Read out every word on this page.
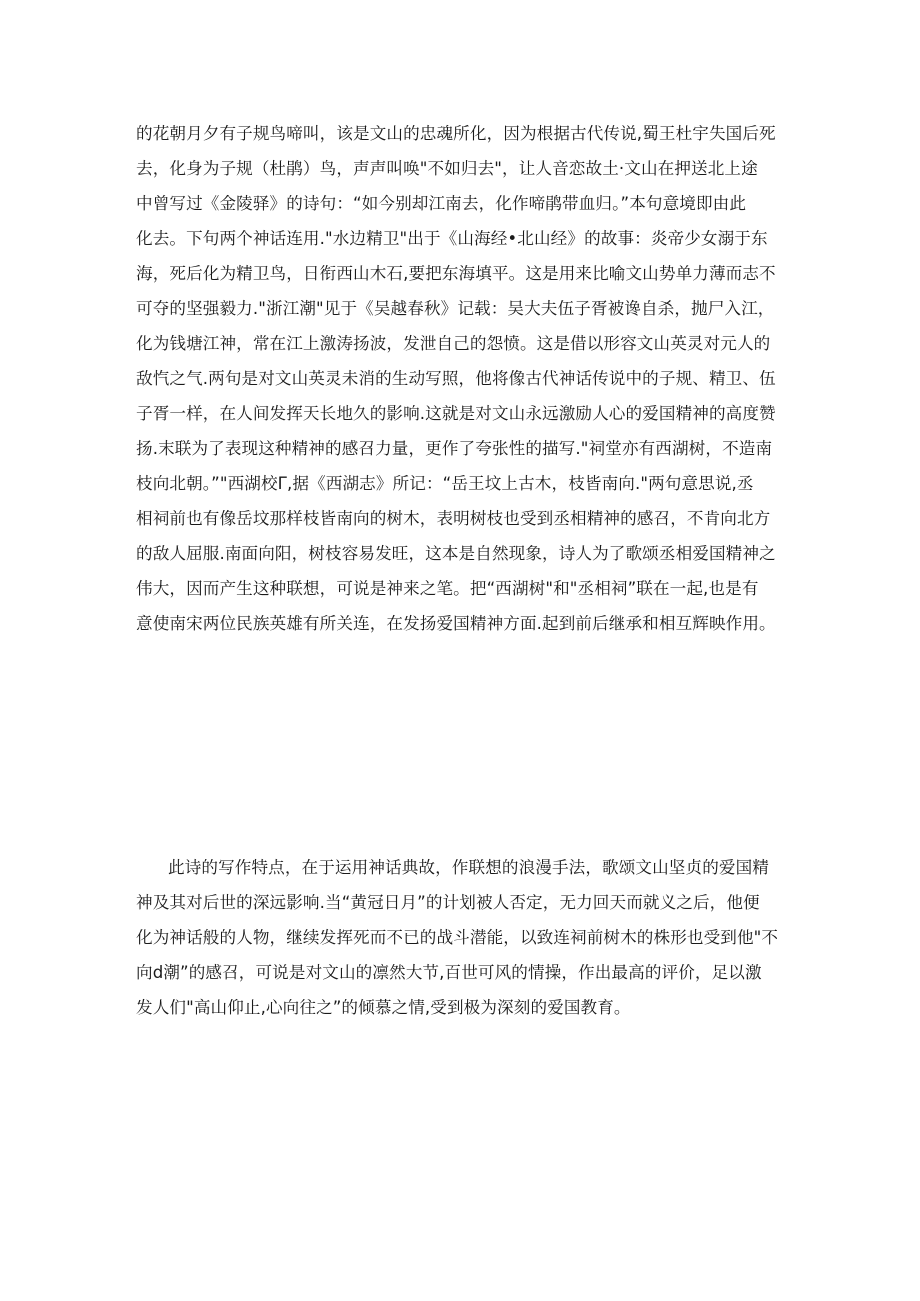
的花朝月夕有子规鸟啼叫，该是文山的忠魂所化，因为根据古代传说,蜀王杜宇失国后死
去，化身为子规（杜鹃）鸟，声声叫唤"不如归去"，让人音恋故土·文山在押送北上途
中曾写过《金陵驿》的诗句：“如今别却江南去，化作啼鹃带血归。”本句意境即由此
化去。下句两个神话连用."水边精卫"出于《山海经•北山经》的故事：炎帝少女溺于东
海，死后化为精卫鸟，日衔西山木石,要把东海填平。这是用来比喻文山势单力薄而志不
可夺的坚强毅力."浙江潮"见于《吴越春秋》记载：吴大夫伍子胥被谗自杀，抛尸入江，
化为钱塘江神，常在江上激涛扬波，发泄自己的怨愤。这是借以形容文山英灵对元人的
敌忾之气.两句是对文山英灵未消的生动写照，他将像古代神话传说中的子规、精卫、伍
子胥一样，在人间发挥天长地久的影响.这就是对文山永远激励人心的爱国精神的高度赞
扬.末联为了表现这种精神的感召力量，更作了夸张性的描写."祠堂亦有西湖树，不造南
枝向北朝。”"西湖校Γ,据《西湖志》所记：“岳王坟上古木，枝皆南向."两句意思说,丞
相祠前也有像岳坟那样枝皆南向的树木，表明树枝也受到丞相精神的感召，不肯向北方
的敌人屈服.南面向阳，树枝容易发旺，这本是自然现象，诗人为了歌颂丞相爱国精神之
伟大，因而产生这种联想，可说是神来之笔。把“西湖树"和"丞相祠”联在一起,也是有
意使南宋两位民族英雄有所关连，在发扬爱国精神方面.起到前后继承和相互辉映作用。
此诗的写作特点，在于运用神话典故，作联想的浪漫手法，歌颂文山坚贞的爱国精
神及其对后世的深远影响.当“黄冠日月”的计划被人否定，无力回天而就义之后，他便
化为神话般的人物，继续发挥死而不已的战斗潜能，以致连祠前树木的株形也受到他"不
向d潮”的感召，可说是对文山的凛然大节,百世可风的情操，作出最高的评价，足以激
发人们"高山仰止,心向往之”的倾慕之情,受到极为深刻的爱国教育。
